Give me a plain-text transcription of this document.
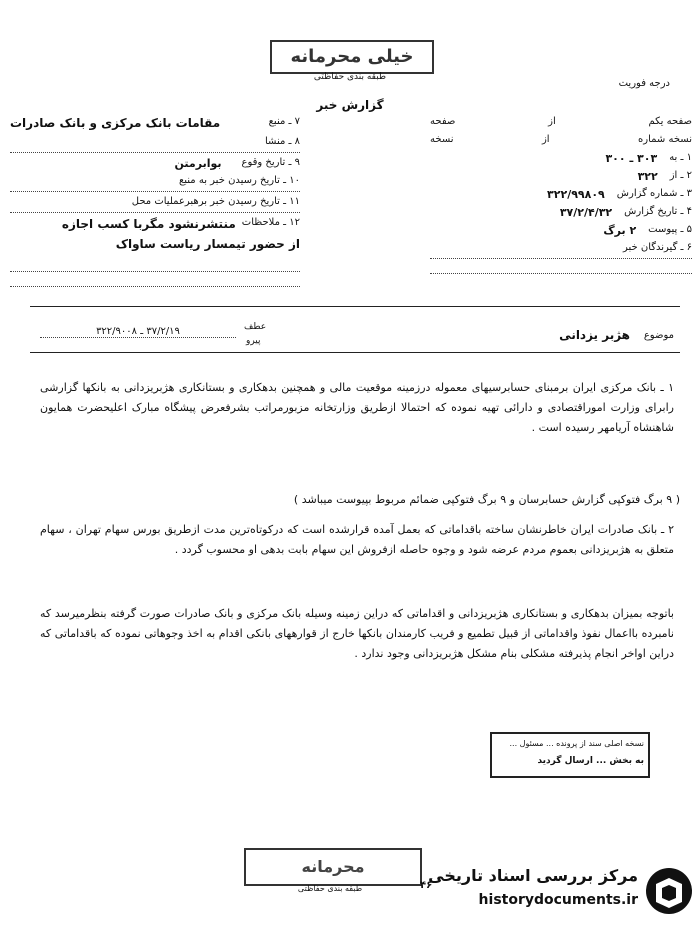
خیلی محرمانه
طبقه بندی حفاظتی
درجه فوریت
گزارش خبر
۷ ـ منبع
مقامات بانک مرکزی و بانک صادرات
۸ ـ منشا
۹ ـ تاریخ وقوع
بوابرمتن
۱۰ ـ تاریخ رسیدن خبر به منبع
۱۱ ـ تاریخ رسیدن خبر برهبرعملیات محل
۱۲ ـ ملاحظات
منتشرنشود مگربا کسب اجازه
از حضور تیمسار ریاست ساواک
صفحه یکم
از
صفحه
نسخه شماره
از
نسخه
۱ ـ به
۳۰۳ ـ ۳۰۰
۲ ـ از
۳۲۲
۳ ـ شماره گزارش
۳۲۲/۹۹۸۰۹
۴ ـ تاریخ گزارش
۳۷/۲/۴/۳۲
۵ ـ پیوست
۲ برگ
۶ ـ گیرندگان خبر
موضوع
هژبر یزدانی
عطف
پیرو
۳۷/۲/۱۹ ـ ۳۲۲/۹۰۰۸
۱ ـ بانک مرکزی ایران برمبنای حسابرسیهای معموله درزمینه موقعیت مالی و همچنین بدهکاری و بستانکاری هژبریزدانی به بانکها گزارشی رابرای وزارت اموراقتصادی و دارائی تهیه نموده که احتمالا ازطریق وزارتخانه مزبورمراتب بشرفعرض پیشگاه مبارک اعلیحضرت همایون شاهنشاه آریامهر رسیده است .
( ۹ برگ فتوکپی گزارش حسابرسان و ۹ برگ فتوکپی ضمائم مربوط بپیوست میباشد )
۲ ـ بانک صادرات ایران خاطرنشان ساخته باقداماتی که بعمل آمده قرارشده است که درکوتاه‌ترین مدت ازطریق بورس سهام تهران ، سهام متعلق به هژبریزدانی بعموم مردم عرضه شود و وجوه حاصله ازفروش این سهام بابت بدهی او محسوب گردد .
باتوجه بمیزان بدهکاری و بستانکاری هژبریزدانی و اقداماتی که دراین زمینه وسیله بانک مرکزی و بانک صادرات صورت گرفته بنظرمیرسد که نامبرده بااعمال نفوذ واقداماتی از قبیل تطمیع و فریب کارمندان بانکها خارج از قوارههای بانکی اقدام به اخذ وجوهاتی نموده که باقداماتی که دراین اواخر انجام پذیرفته مشکلی بنام مشکل هژبریزدانی وجود ندارد .
نسخه اصلی سند از پرونده ... مسئول ...
به بخش ... ارسال گردید
محرمانه
طبقه بندی حفاظتی	۴۶
مرکز بررسی اسناد تاریخی
historydocuments.ir
